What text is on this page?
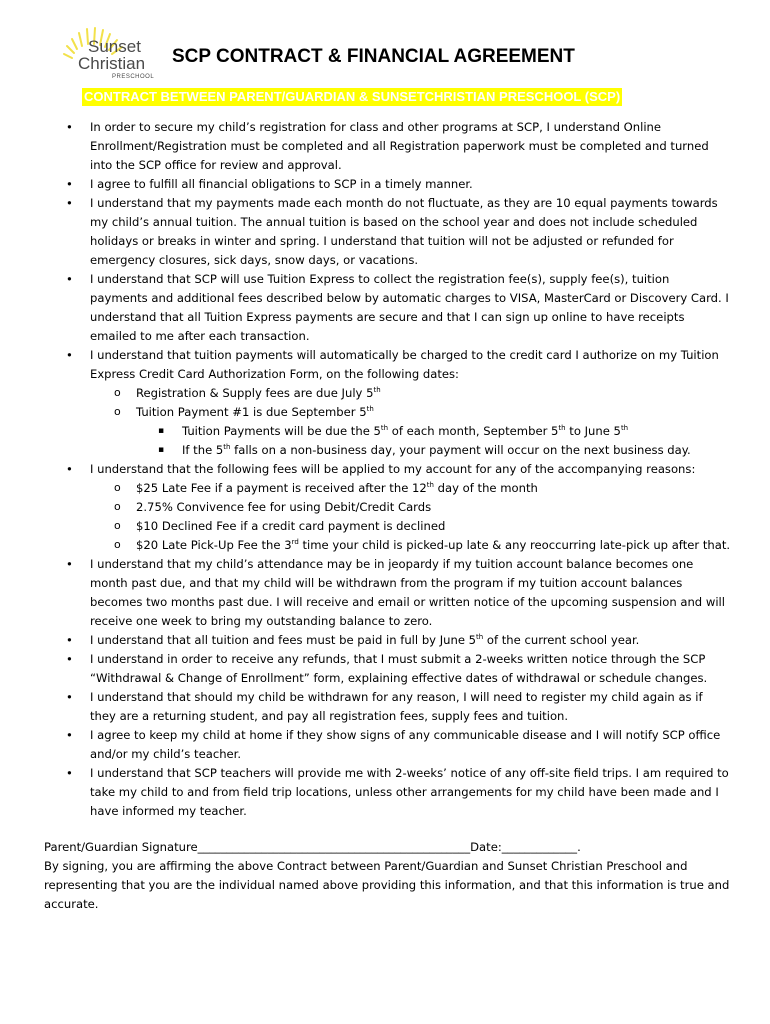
Sunset
Christian
PRESCHOOL
SCP CONTRACT & FINANCIAL AGREEMENT
CONTRACT BETWEEN PARENT/GUARDIAN & SUNSETCHRISTIAN PRESCHOOL (SCP)
• In order to secure my child’s registration for class and other programs at SCP, I understand Online Enrollment/Registration must be completed and all Registration paperwork must be completed and turned into the SCP office for review and approval.
• I agree to fulfill all financial obligations to SCP in a timely manner.
• I understand that my payments made each month do not fluctuate, as they are 10 equal payments towards my child’s annual tuition. The annual tuition is based on the school year and does not include scheduled holidays or breaks in winter and spring. I understand that tuition will not be adjusted or refunded for emergency closures, sick days, snow days, or vacations.
• I understand that SCP will use Tuition Express to collect the registration fee(s), supply fee(s), tuition payments and additional fees described below by automatic charges to VISA, MasterCard or Discovery Card. I understand that all Tuition Express payments are secure and that I can sign up online to have receipts emailed to me after each transaction.
• I understand that tuition payments will automatically be charged to the credit card I authorize on my Tuition Express Credit Card Authorization Form, on the following dates:
o Registration & Supply fees are due July 5th
o Tuition Payment #1 is due September 5th
▪ Tuition Payments will be due the 5th of each month, September 5th to June 5th
▪ If the 5th falls on a non-business day, your payment will occur on the next business day.
• I understand that the following fees will be applied to my account for any of the accompanying reasons:
o $25 Late Fee if a payment is received after the 12th day of the month
o 2.75% Convivence fee for using Debit/Credit Cards
o $10 Declined Fee if a credit card payment is declined
o $20 Late Pick-Up Fee the 3rd time your child is picked-up late & any reoccurring late-pick up after that.
• I understand that my child’s attendance may be in jeopardy if my tuition account balance becomes one month past due, and that my child will be withdrawn from the program if my tuition account balances becomes two months past due. I will receive and email or written notice of the upcoming suspension and will receive one week to bring my outstanding balance to zero.
• I understand that all tuition and fees must be paid in full by June 5th of the current school year.
• I understand in order to receive any refunds, that I must submit a 2-weeks written notice through the SCP “Withdrawal & Change of Enrollment” form, explaining effective dates of withdrawal or schedule changes.
• I understand that should my child be withdrawn for any reason, I will need to register my child again as if they are a returning student, and pay all registration fees, supply fees and tuition.
• I agree to keep my child at home if they show signs of any communicable disease and I will notify SCP office and/or my child’s teacher.
• I understand that SCP teachers will provide me with 2-weeks’ notice of any off-site field trips. I am required to take my child to and from field trip locations, unless other arrangements for my child have been made and I have informed my teacher.
Parent/Guardian Signature_______________________________________________Date:_____________.
By signing, you are affirming the above Contract between Parent/Guardian and Sunset Christian Preschool and representing that you are the individual named above providing this information, and that this information is true and accurate.
